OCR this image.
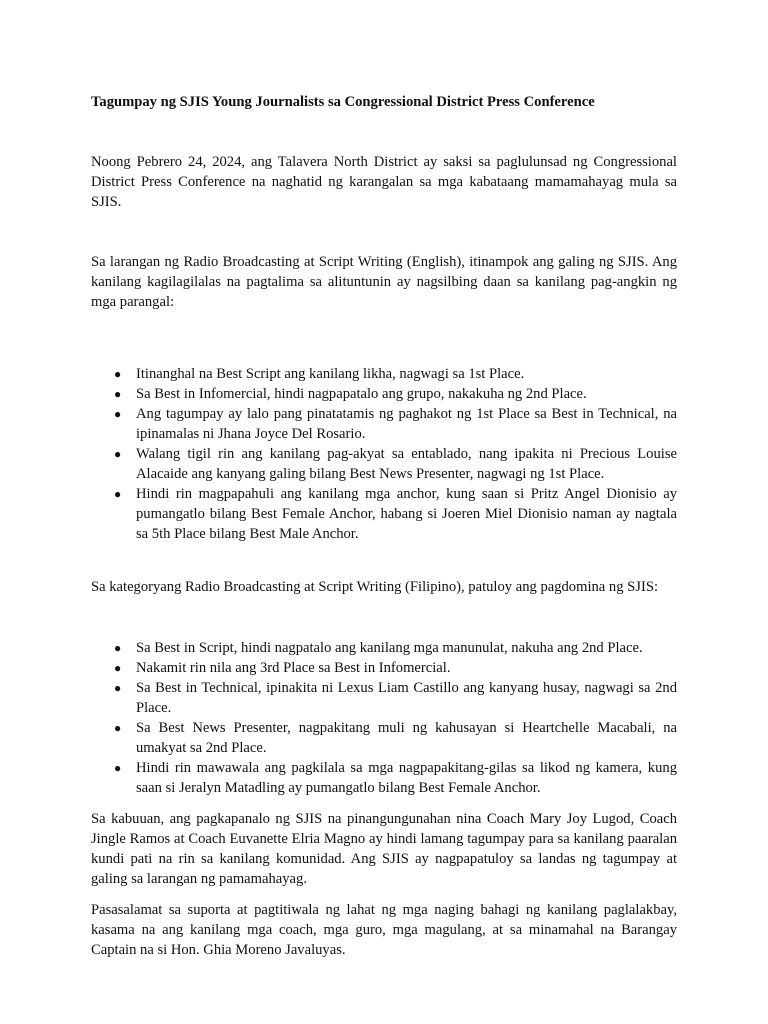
Tagumpay ng SJIS Young Journalists sa Congressional District Press Conference

Noong Pebrero 24, 2024, ang Talavera North District ay saksi sa paglulunsad ng Congressional District Press Conference na naghatid ng karangalan sa mga kabataang mamamahayag mula sa SJIS.

Sa larangan ng Radio Broadcasting at Script Writing (English), itinampok ang galing ng SJIS. Ang kanilang kagilagilalas na pagtalima sa alituntunin ay nagsilbing daan sa kanilang pag-angkin ng mga parangal:

● Itinanghal na Best Script ang kanilang likha, nagwagi sa 1st Place.
● Sa Best in Infomercial, hindi nagpapatalo ang grupo, nakakuha ng 2nd Place.
● Ang tagumpay ay lalo pang pinatatamis ng paghakot ng 1st Place sa Best in Technical, na ipinamalas ni Jhana Joyce Del Rosario.
● Walang tigil rin ang kanilang pag-akyat sa entablado, nang ipakita ni Precious Louise Alacaide ang kanyang galing bilang Best News Presenter, nagwagi ng 1st Place.
● Hindi rin magpapahuli ang kanilang mga anchor, kung saan si Pritz Angel Dionisio ay pumangatlo bilang Best Female Anchor, habang si Joeren Miel Dionisio naman ay nagtala sa 5th Place bilang Best Male Anchor.

Sa kategoryang Radio Broadcasting at Script Writing (Filipino), patuloy ang pagdomina ng SJIS:

● Sa Best in Script, hindi nagpatalo ang kanilang mga manunulat, nakuha ang 2nd Place.
● Nakamit rin nila ang 3rd Place sa Best in Infomercial.
● Sa Best in Technical, ipinakita ni Lexus Liam Castillo ang kanyang husay, nagwagi sa 2nd Place.
● Sa Best News Presenter, nagpakitang muli ng kahusayan si Heartchelle Macabali, na umakyat sa 2nd Place.
● Hindi rin mawawala ang pagkilala sa mga nagpapakitang-gilas sa likod ng kamera, kung saan si Jeralyn Matadling ay pumangatlo bilang Best Female Anchor.

Sa kabuuan, ang pagkapanalo ng SJIS na pinangungunahan nina Coach Mary Joy Lugod, Coach Jingle Ramos at Coach Euvanette Elria Magno ay hindi lamang tagumpay para sa kanilang paaralan kundi pati na rin sa kanilang komunidad. Ang SJIS ay nagpapatuloy sa landas ng tagumpay at galing sa larangan ng pamamahayag.

Pasasalamat sa suporta at pagtitiwala ng lahat ng mga naging bahagi ng kanilang paglalakbay, kasama na ang kanilang mga coach, mga guro, mga magulang, at sa minamahal na Barangay Captain na si Hon. Ghia Moreno Javaluyas.
